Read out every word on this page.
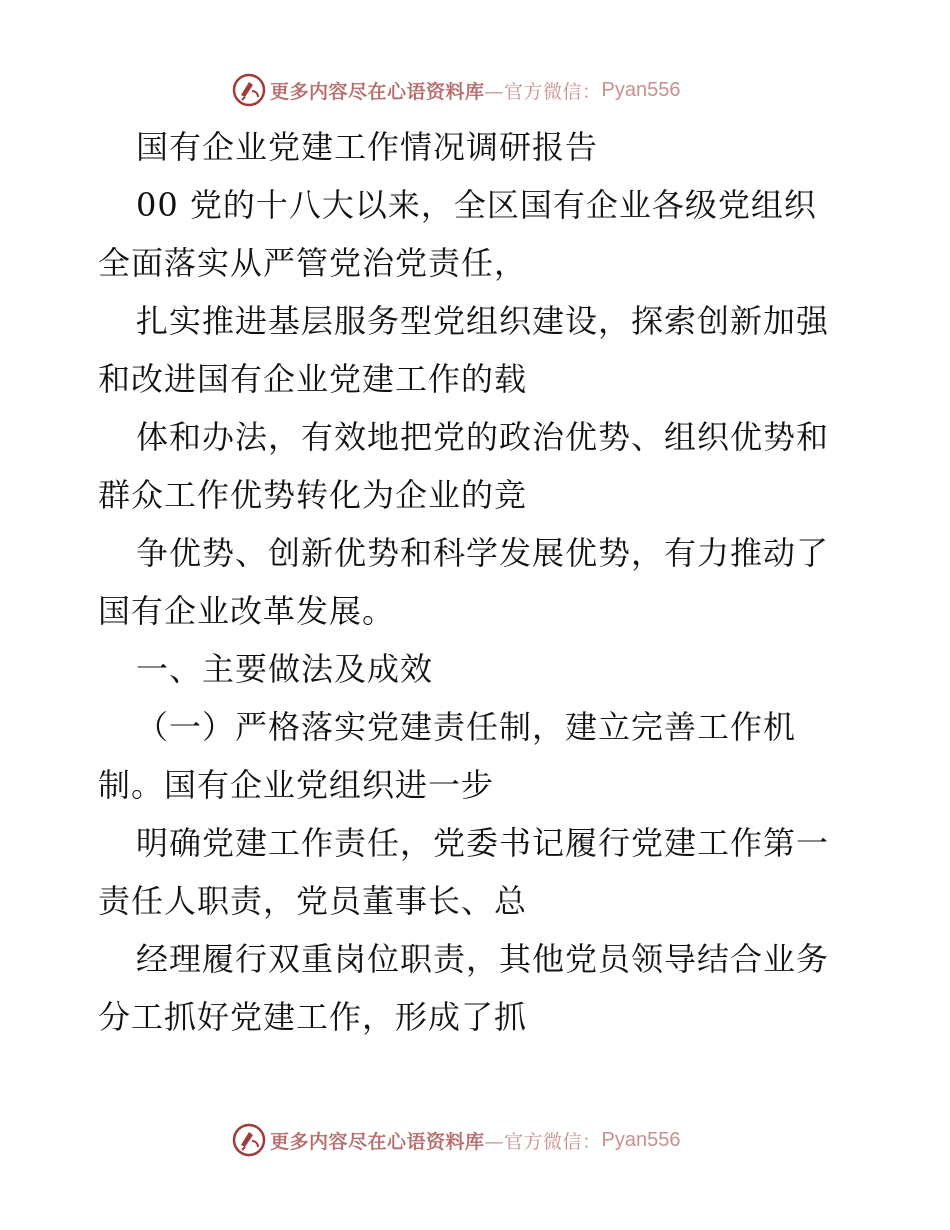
更多内容尽在心语资料库 —官方微信： Pyan556
国有企业党建工作情况调研报告
00 党的十八大以来，全区国有企业各级党组织
全面落实从严管党治党责任，
扎实推进基层服务型党组织建设，探索创新加强
和改进国有企业党建工作的载
体和办法，有效地把党的政治优势、组织优势和
群众工作优势转化为企业的竞
争优势、创新优势和科学发展优势，有力推动了
国有企业改革发展。
一、主要做法及成效
（一）严格落实党建责任制，建立完善工作机
制。国有企业党组织进一步
明确党建工作责任，党委书记履行党建工作第一
责任人职责，党员董事长、总
经理履行双重岗位职责，其他党员领导结合业务
分工抓好党建工作，形成了抓
更多内容尽在心语资料库 —官方微信： Pyan556
